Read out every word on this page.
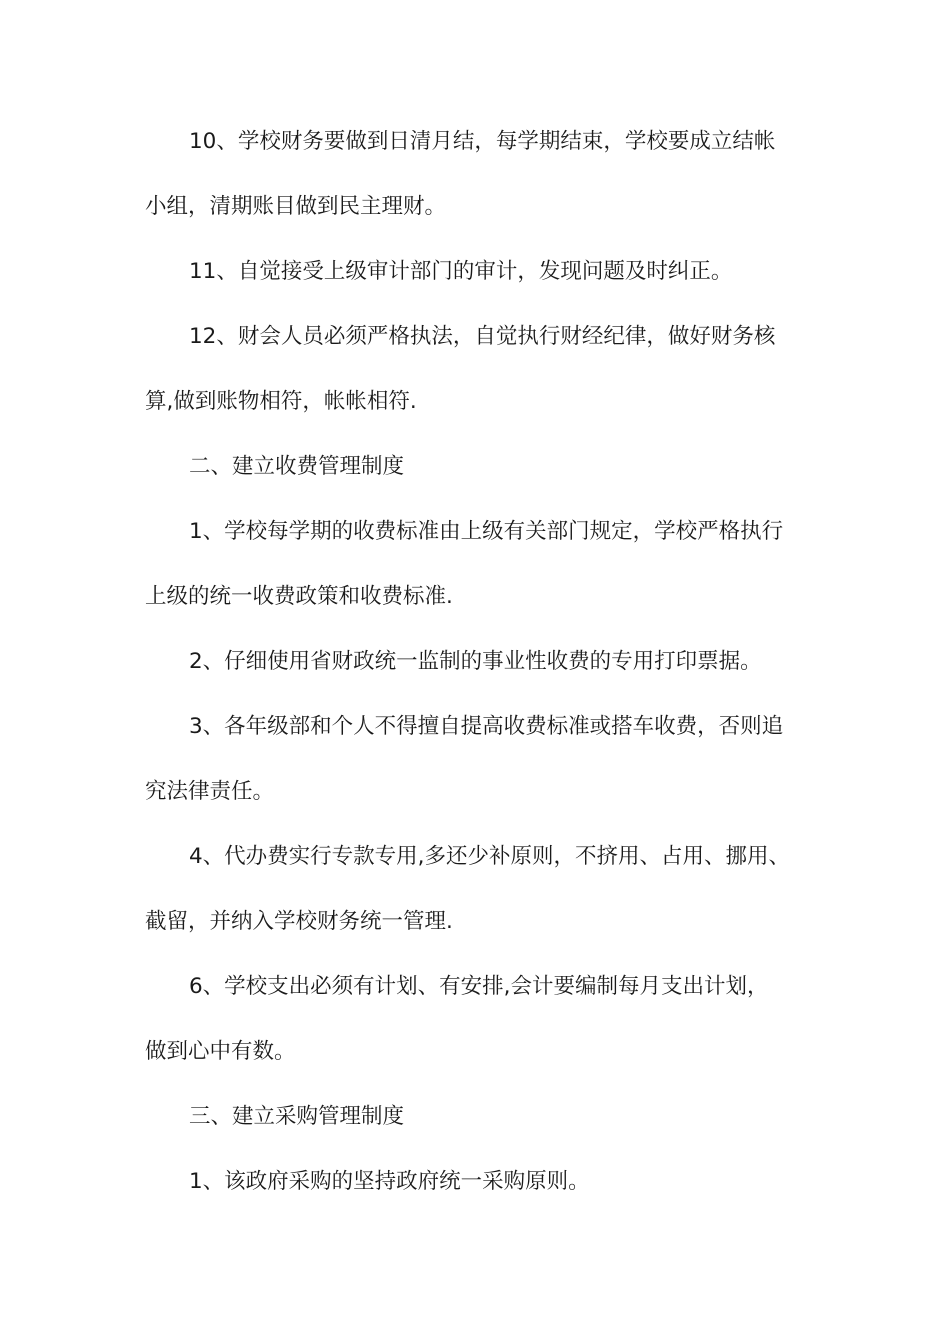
10、学校财务要做到日清月结，每学期结束，学校要成立结帐
小组，清期账目做到民主理财。

11、自觉接受上级审计部门的审计，发现问题及时纠正。

12、财会人员必须严格执法，自觉执行财经纪律，做好财务核
算,做到账物相符，帐帐相符.

二、建立收费管理制度

1、学校每学期的收费标准由上级有关部门规定，学校严格执行
上级的统一收费政策和收费标准.

2、仔细使用省财政统一监制的事业性收费的专用打印票据。

3、各年级部和个人不得擅自提高收费标准或搭车收费，否则追
究法律责任。

4、代办费实行专款专用,多还少补原则，不挤用、占用、挪用、
截留，并纳入学校财务统一管理.

6、学校支出必须有计划、有安排,会计要编制每月支出计划，
做到心中有数。

三、建立采购管理制度

1、该政府采购的坚持政府统一采购原则。
